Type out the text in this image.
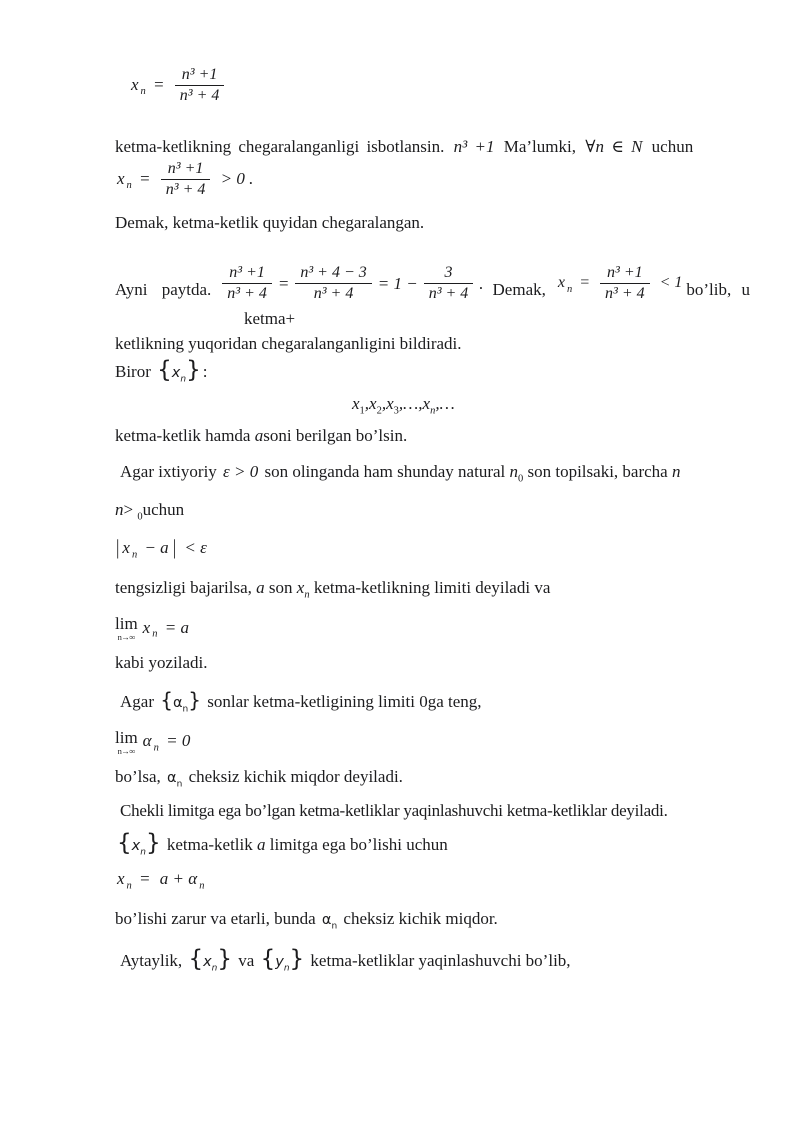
x $_n = \frac{\text{n³ +1}}{\text{n³ + 4}}$

ketma-ketlikning chegaralanganligi isbotlansin. n³ +1 Ma’lumki, ∀n ∈ N uchun

x $_n = \frac{\text{n³ +1}}{\text{n³ + 4}} > 0$ .

Demak, ketma-ketlik quyidan chegaralangan.

Ayni paytda. $\frac{\text{n³ +1}}{\text{n³ + 4}} = \frac{\text{n³ + 4 − 3}}{\text{n³ + 4}} = 1 - \frac{3}{\text{n³ + 4}}$ . Demak, x $_n = \frac{\text{n³ +1}}{\text{n³ + 4}} < 1$ bo’lib, u
ketma+

ketlikning yuqoridan chegaralanganligini bildiradi.

Biror $\{x_n\}$ :

$x_1,x_2,x_3,\dots,x_n,\dots$

ketma-ketlik hamda asoni berilgan bo’lsin.

Agar ixtiyoriy ε > 0 son olinganda ham shunday natural $n_0$ son topilsaki, barcha n

n> $_0$uchun

| x $_n$ − a | < ε

tengsizligi bajarilsa, a son $x_n$ ketma-ketlikning limiti deyiladi va

lim
n→∞
x $_n$ = a

kabi yoziladi.

Agar $\{\alpha_n\}$ sonlar ketma-ketligining limiti 0ga teng,

lim
n→∞
α $_n$ = 0

bo’lsa, $\alpha_n$ cheksiz kichik miqdor deyiladi.

Chekli limitga ega bo’lgan ketma-ketliklar yaqinlashuvchi ketma-ketliklar deyiladi.

$\{x_n\}$ ketma-ketlik a limitga ega bo’lishi uchun

x $_n$ = a + α $_n$

bo’lishi zarur va etarli, bunda $\alpha_n$ cheksiz kichik miqdor.

Aytaylik, $\{x_n\}$ va $\{y_n\}$ ketma-ketliklar yaqinlashuvchi bo’lib,
